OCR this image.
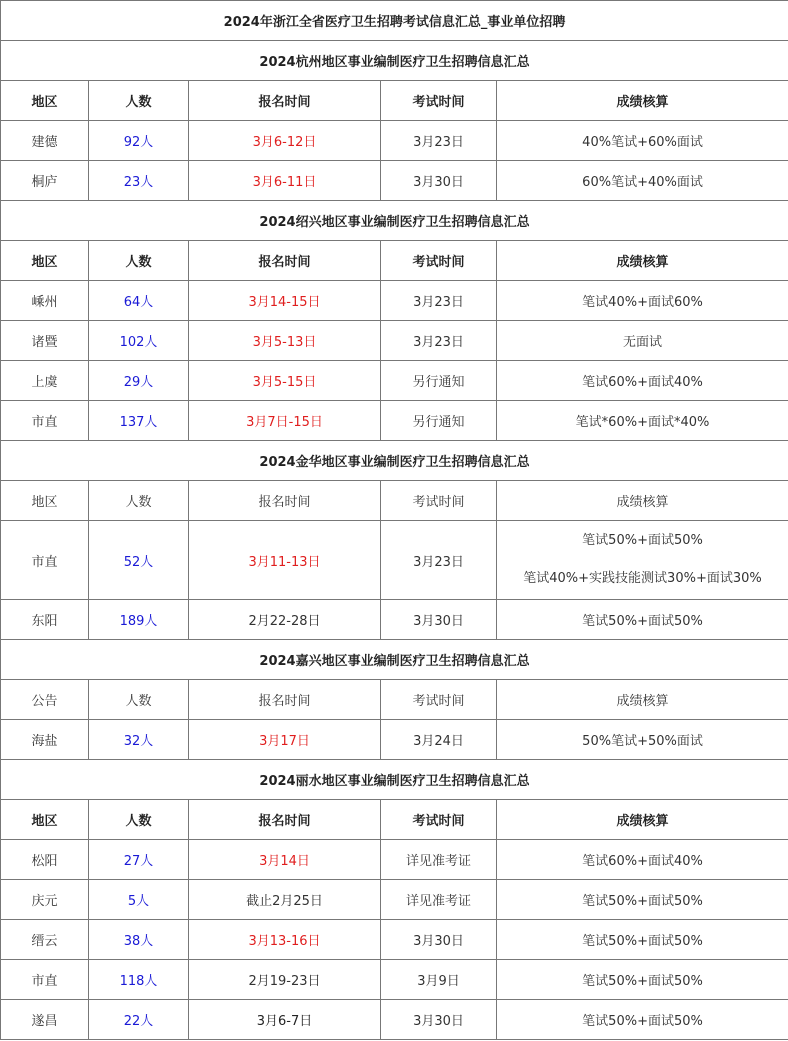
2024年浙江全省医疗卫生招聘考试信息汇总_事业单位招聘				
2024杭州地区事业编制医疗卫生招聘信息汇总				
地区	人数	报名时间	考试时间	成绩核算
建德	92人	3月6-12日	3月23日	40%笔试+60%面试
桐庐	23人	3月6-11日	3月30日	60%笔试+40%面试
2024绍兴地区事业编制医疗卫生招聘信息汇总				
地区	人数	报名时间	考试时间	成绩核算
嵊州	64人	3月14-15日	3月23日	笔试40%+面试60%
诸暨	102人	3月5-13日	3月23日	无面试
上虞	29人	3月5-15日	另行通知	笔试60%+面试40%
市直	137人	3月7日-15日	另行通知	笔试*60%+面试*40%
2024金华地区事业编制医疗卫生招聘信息汇总				
地区	人数	报名时间	考试时间	成绩核算
市直	52人	3月11-13日	3月23日	笔试50%+面试50%
笔试40%+实践技能测试30%+面试30%

东阳	189人	2月22-28日	3月30日	笔试50%+面试50%
2024嘉兴地区事业编制医疗卫生招聘信息汇总				
公告	人数	报名时间	考试时间	成绩核算
海盐	32人	3月17日	3月24日	50%笔试+50%面试
2024丽水地区事业编制医疗卫生招聘信息汇总				
地区	人数	报名时间	考试时间	成绩核算
松阳	27人	3月14日	详见准考证	笔试60%+面试40%
庆元	5人	截止2月25日	详见准考证	笔试50%+面试50%
缙云	38人	3月13-16日	3月30日	笔试50%+面试50%
市直	118人	2月19-23日	3月9日	笔试50%+面试50%
遂昌	22人	3月6-7日	3月30日	笔试50%+面试50%
